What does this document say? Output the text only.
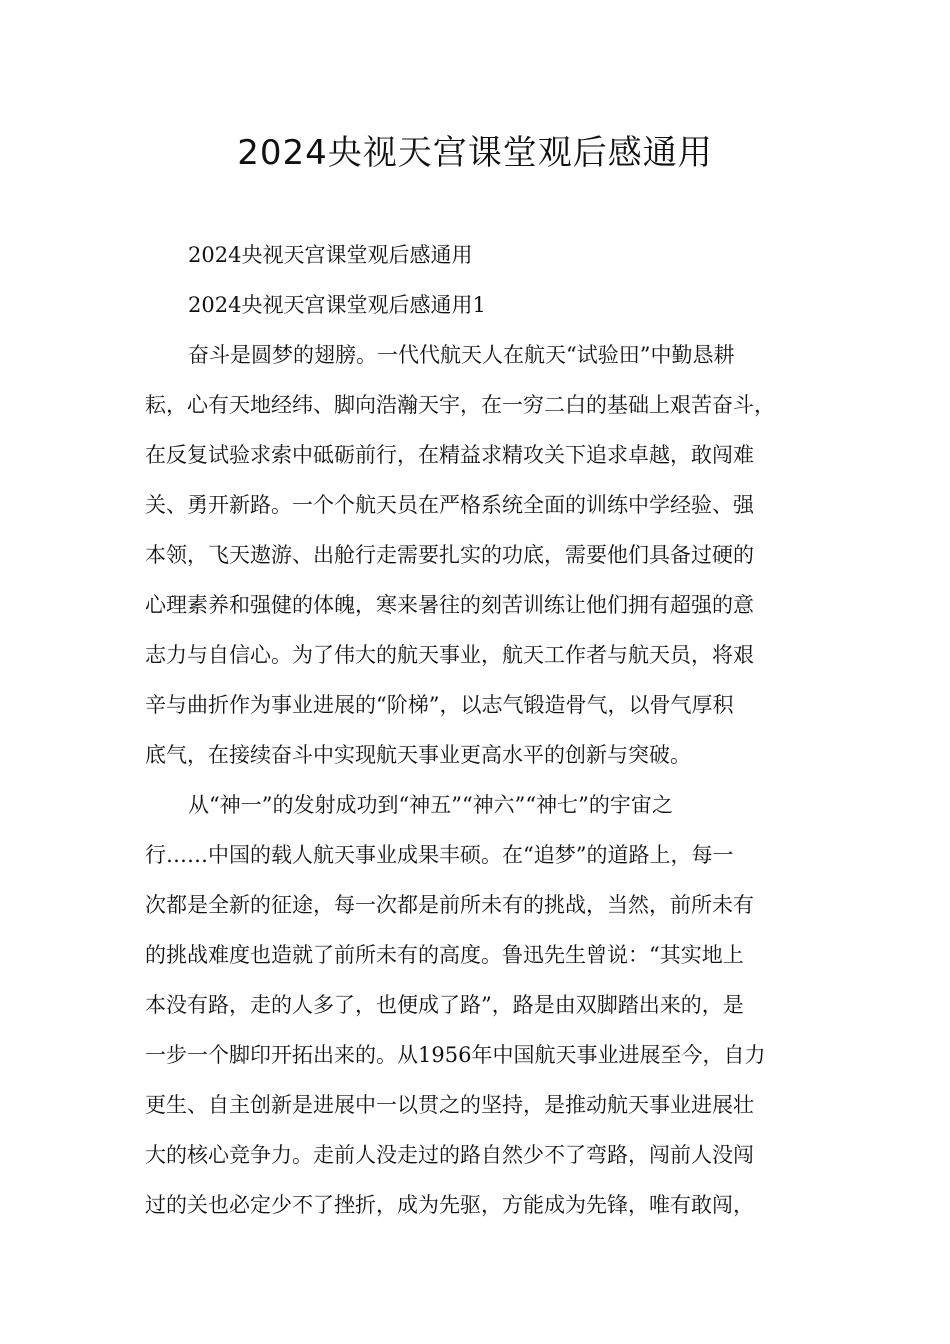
2024央视天宫课堂观后感通用
2024央视天宫课堂观后感通用
2024央视天宫课堂观后感通用1
奋斗是圆梦的翅膀。一代代航天人在航天“试验田”中勤恳耕
耘，心有天地经纬、脚向浩瀚天宇，在一穷二白的基础上艰苦奋斗，
在反复试验求索中砥砺前行，在精益求精攻关下追求卓越，敢闯难
关、勇开新路。一个个航天员在严格系统全面的训练中学经验、强
本领，飞天遨游、出舱行走需要扎实的功底，需要他们具备过硬的
心理素养和强健的体魄，寒来暑往的刻苦训练让他们拥有超强的意
志力与自信心。为了伟大的航天事业，航天工作者与航天员，将艰
辛与曲折作为事业进展的“阶梯”，以志气锻造骨气，以骨气厚积
底气，在接续奋斗中实现航天事业更高水平的创新与突破。
从“神一”的发射成功到“神五”“神六”“神七”的宇宙之
行……中国的载人航天事业成果丰硕。在“追梦”的道路上，每一
次都是全新的征途，每一次都是前所未有的挑战，当然，前所未有
的挑战难度也造就了前所未有的高度。鲁迅先生曾说：“其实地上
本没有路，走的人多了，也便成了路”，路是由双脚踏出来的，是
一步一个脚印开拓出来的。从1956年中国航天事业进展至今，自力
更生、自主创新是进展中一以贯之的坚持，是推动航天事业进展壮
大的核心竞争力。走前人没走过的路自然少不了弯路，闯前人没闯
过的关也必定少不了挫折，成为先驱，方能成为先锋，唯有敢闯，
